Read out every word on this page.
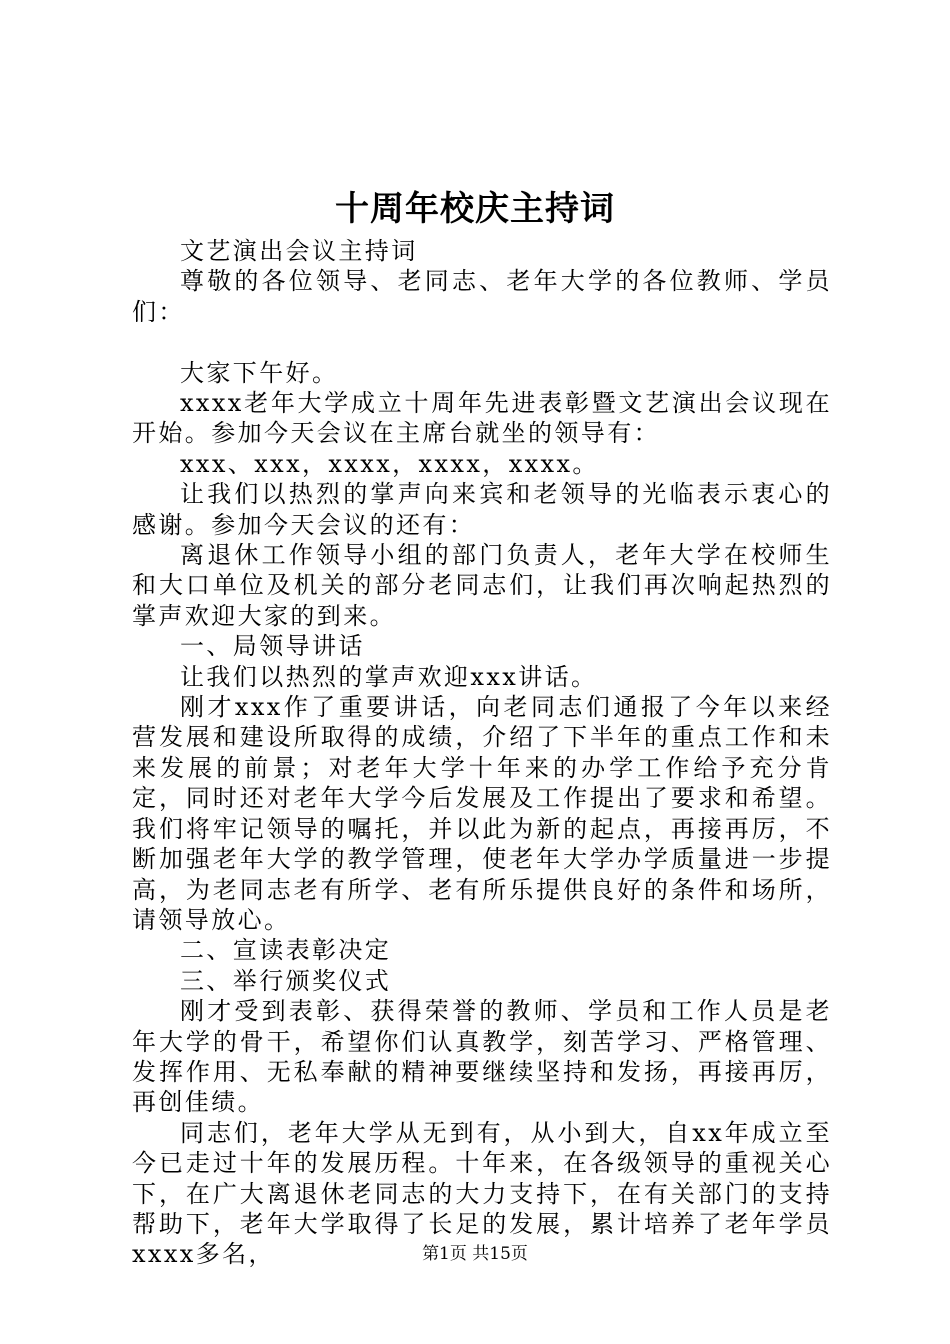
十周年校庆主持词

文艺演出会议主持词

尊敬的各位领导、老同志、老年大学的各位教师、学员们：

大家下午好。

xxxx老年大学成立十周年先进表彰暨文艺演出会议现在开始。参加今天会议在主席台就坐的领导有：

xxx、xxx，xxxx，xxxx，xxxx。

让我们以热烈的掌声向来宾和老领导的光临表示衷心的感谢。参加今天会议的还有：

离退休工作领导小组的部门负责人，老年大学在校师生和大口单位及机关的部分老同志们，让我们再次响起热烈的掌声欢迎大家的到来。

一、局领导讲话

让我们以热烈的掌声欢迎xxx讲话。

刚才xxx作了重要讲话，向老同志们通报了今年以来经营发展和建设所取得的成绩，介绍了下半年的重点工作和未来发展的前景；对老年大学十年来的办学工作给予充分肯定，同时还对老年大学今后发展及工作提出了要求和希望。我们将牢记领导的嘱托，并以此为新的起点，再接再厉，不断加强老年大学的教学管理，使老年大学办学质量进一步提高，为老同志老有所学、老有所乐提供良好的条件和场所，请领导放心。

二、宣读表彰决定

三、举行颁奖仪式

刚才受到表彰、获得荣誉的教师、学员和工作人员是老年大学的骨干，希望你们认真教学，刻苦学习、严格管理、发挥作用、无私奉献的精神要继续坚持和发扬，再接再厉，再创佳绩。

同志们，老年大学从无到有，从小到大，自xx年成立至今已走过十年的发展历程。十年来，在各级领导的重视关心下，在广大离退休老同志的大力支持下，在有关部门的支持帮助下，老年大学取得了长足的发展，累计培养了老年学员xxxx多名，	第1页 共15页
